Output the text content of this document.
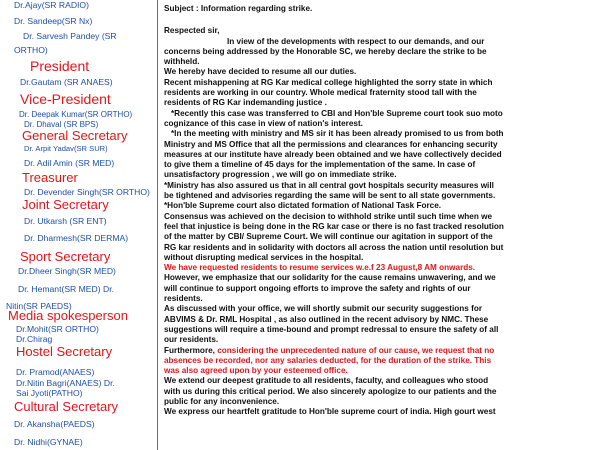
Dr.Ajay(SR RADIO)
Dr. Sandeep(SR Nx)
Dr. Sarvesh Pandey (SR
ORTHO)
President
Dr.Gautam (SR ANAES)
Vice-President
Dr. Deepak Kumar(SR ORTHO)
Dr. Dhaval (SR BPS)
General Secretary
Dr. Arpit Yadav(SR SUR)
Dr. Adil Amin (SR MED)
Treasurer
Dr. Devender Singh(SR ORTHO)
Joint Secretary
Dr. Utkarsh (SR ENT)
Dr. Dharmesh(SR DERMA)
Sport Secretary
Dr.Dheer Singh(SR MED)
Dr. Hemant(SR MED) Dr.
Nitin(SR PAEDS)
Media spokesperson
Dr.Mohit(SR ORTHO)
Dr.Chirag
Hostel Secretary
Dr. Pramod(ANAES)
Dr.Nitin Bagri(ANAES) Dr.
Sai Jyoti(PATHO)
Cultural Secretary
Dr. Akansha(PAEDS)
Dr. Nidhi(GYNAE)

Subject : Information regarding strike.

Respected sir,

In view of the developments with respect to our demands, and our

concerns being addressed by the Honorable SC, we hereby declare the strike to be

withheld.

We hereby have decided to resume all our duties.

Recent mishappening at RG Kar medical college highlighted the sorry state in which

residents are working in our country. Whole medical fraternity stood tall with the

residents of RG Kar indemanding justice .

*Recently this case was transferred to CBI and Hon'ble Supreme court took suo moto

cognizance of this case in view of nation's interest.

*In the meeting with ministry and MS sir it has been already promised to us from both

Ministry and MS Office that all the permissions and clearances for enhancing security

measures at our institute have already been obtained and we have collectively decided

to give them a timeline of 45 days for the implementation of the same. In case of

unsatisfactory progression , we will go on immediate strike.

*Ministry has also assured us that in all central govt hospitals security measures will

be tightened and advisories regarding the same will be sent to all state governments.

*Hon'ble Supreme court also dictated formation of National Task Force.

Consensus was achieved on the decision to withhold strike until such time when we

feel that injustice is being done in the RG kar case or there is no fast tracked resolution

of the matter by CBI/ Supreme Court. We will continue our agitation in support of the

RG kar residents and in solidarity with doctors all across the nation until resolution but

without disrupting medical services in the hospital.

We have requested residents to resume services w.e.f 23 August,8 AM onwards.

However, we emphasize that our solidarity for the cause remains unwavering, and we

will continue to support ongoing efforts to improve the safety and rights of our

residents.

As discussed with your office, we will shortly submit our security suggestions for

ABVIMS & Dr. RML Hospital , as also outlined in the recent advisory by NMC. These

suggestions will require a time-bound and prompt redressal to ensure the safety of all

our residents.

Furthermore, considering the unprecedented nature of our cause, we request that no

absences be recorded, nor any salaries deducted, for the duration of the strike. This

was also agreed upon by your esteemed office.

We extend our deepest gratitude to all residents, faculty, and colleagues who stood

with us during this critical period. We also sincerely apologize to our patients and the

public for any inconvenience.

We express our heartfelt gratitude to Hon'ble supreme court of india. High gourt west
